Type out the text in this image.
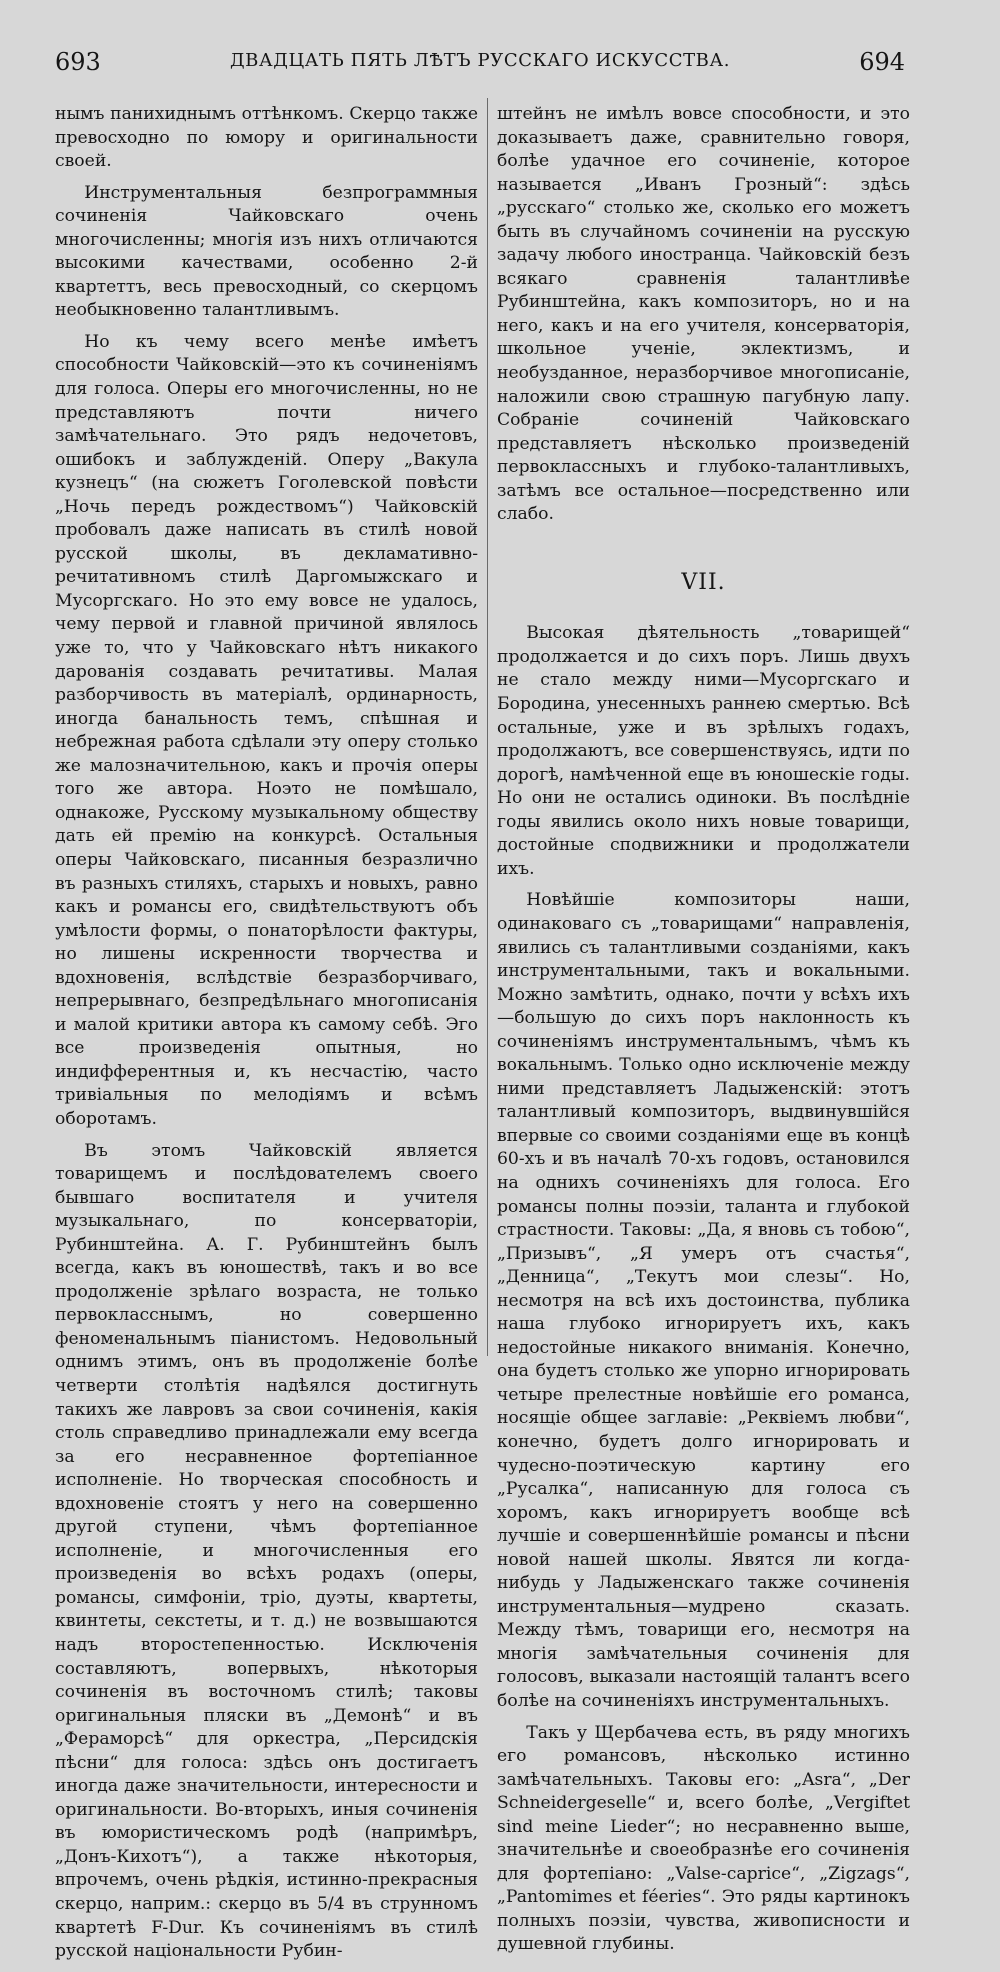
693	ДВАДЦАТЬ ПЯТЬ ЛѢТЪ РУССКАГО ИСКУССТВА.	694

нымъ панихиднымъ оттѣнкомъ. Скерцо также превосходно по юмору и оригинальности своей.

Инструментальныя безпрограммныя сочиненія Чайковскаго очень многочисленны; многія изъ нихъ отличаются высокими качествами, особенно 2-й квартеттъ, весь превосходный, со скерцомъ необыкновенно талантливымъ.

Но къ чему всего менѣе имѣетъ способности Чайковскій—это къ сочиненіямъ для голоса. Оперы его многочисленны, но не представляютъ почти ничего замѣчательнаго. Это рядъ недочетовъ, ошибокъ и заблужденій. Оперу „Вакула кузнецъ“ (на сюжетъ Гоголевской повѣсти „Ночь передъ рождествомъ“) Чайковскій пробовалъ даже написать въ стилѣ новой русской школы, въ декламативно-речитативномъ стилѣ Даргомыжскаго и Мусоргскаго. Но это ему вовсе не удалось, чему первой и главной причиной являлось уже то, что у Чайковскаго нѣтъ никакого дарованія создавать речитативы. Малая разборчивость въ матеріалѣ, ординарность, иногда банальность темъ, спѣшная и небрежная работа сдѣлали эту оперу столько же малозначительною, какъ и прочія оперы того же автора. Ноэто не помѣшало, однакоже, Русскому музыкальному обществу дать ей премію на конкурсѣ. Остальныя оперы Чайковскаго, писанныя безразлично въ разныхъ стиляхъ, старыхъ и новыхъ, равно какъ и романсы его, свидѣтельствуютъ объ умѣлости формы, о понаторѣлости фактуры, но лишены искренности творчества и вдохновенія, вслѣдствіе безразборчиваго, непрерывнаго, безпредѣльнаго многописанія и малой критики автора къ самому себѣ. Эго все произведенія опытныя, но индифферентныя и, къ несчастію, часто тривіальныя по мелодіямъ и всѣмъ оборотамъ.

Въ этомъ Чайковскій является товарищемъ и послѣдователемъ своего бывшаго воспитателя и учителя музыкальнаго, по консерваторіи, Рубинштейна. А. Г. Рубинштейнъ былъ всегда, какъ въ юношествѣ, такъ и во все продолженіе зрѣлаго возраста, не только первокласснымъ, но совершенно феноменальнымъ піанистомъ. Недовольный однимъ этимъ, онъ въ продолженіе болѣе четверти столѣтія надѣялся достигнуть такихъ же лавровъ за свои сочиненія, какія столь справедливо принадлежали ему всегда за его несравненное фортепіанное исполненіе. Но творческая способность и вдохновеніе стоятъ у него на совершенно другой ступени, чѣмъ фортепіанное исполненіе, и многочисленныя его произведенія во всѣхъ родахъ (оперы, романсы, симфоніи, тріо, дуэты, квартеты, квинтеты, секстеты, и т. д.) не возвышаются надъ второстепенностью. Исключенія составляютъ, вопервыхъ, нѣкоторыя сочиненія въ восточномъ стилѣ; таковы оригинальныя пляски въ „Демонѣ“ и въ „Фераморсѣ“ для оркестра, „Персидскія пѣсни“ для голоса: здѣсь онъ достигаетъ иногда даже значительности, интересности и оригинальности. Во-вторыхъ, иныя сочиненія въ юмористическомъ родѣ (напримѣръ, „Донъ-Кихотъ“), а также нѣкоторыя, впрочемъ, очень рѣдкія, истинно-прекрасныя скерцо, наприм.: скерцо въ 5/4 въ струнномъ квартетѣ F-Dur. Къ сочиненіямъ въ стилѣ русской національности Рубин-

штейнъ не имѣлъ вовсе способности, и это доказываетъ даже, сравнительно говоря, болѣе удачное его сочиненіе, которое называется „Иванъ Грозный“: здѣсь „русскаго“ столько же, сколько его можетъ быть въ случайномъ сочиненіи на русскую задачу любого иностранца. Чайковскій безъ всякаго сравненія талантливѣе Рубинштейна, какъ композиторъ, но и на него, какъ и на его учителя, консерваторія, школьное ученіе, эклектизмъ, и необузданное, неразборчивое многописаніе, наложили свою страшную пагубную лапу. Собраніе сочиненій Чайковскаго представляетъ нѣсколько произведеній первоклассныхъ и глубоко-талантливыхъ, затѣмъ все остальное—посредственно или слабо.

VII.

Высокая дѣятельность „товарищей“ продолжается и до сихъ поръ. Лишь двухъ не стало между ними—Мусоргскаго и Бородина, унесенныхъ раннею смертью. Всѣ остальные, уже и въ зрѣлыхъ годахъ, продолжаютъ, все совершенствуясь, идти по дорогѣ, намѣченной еще въ юношескіе годы. Но они не остались одиноки. Въ послѣдніе годы явились около нихъ новые товарищи, достойные сподвижники и продолжатели ихъ.

Новѣйшіе композиторы наши, одинаковаго съ „товарищами“ направленія, явились съ талантливыми созданіями, какъ инструментальными, такъ и вокальными. Можно замѣтить, однако, почти у всѣхъ ихъ —большую до сихъ поръ наклонность къ сочиненіямъ инструментальнымъ, чѣмъ къ вокальнымъ. Только одно исключеніе между ними представляетъ Ладыженскій: этотъ талантливый композиторъ, выдвинувшійся впервые со своими созданіями еще въ концѣ 60-хъ и въ началѣ 70-хъ годовъ, остановился на однихъ сочиненіяхъ для голоса. Его романсы полны поэзіи, таланта и глубокой страстности. Таковы: „Да, я вновь съ тобою“, „Призывъ“, „Я умеръ отъ счастья“, „Денница“, „Текутъ мои слезы“. Но, несмотря на всѣ ихъ достоинства, публика наша глубоко игнорируетъ ихъ, какъ недостойные никакого вниманія. Конечно, она будетъ столько же упорно игнорировать четыре прелестные новѣйшіе его романса, носящіе общее заглавіе: „Реквіемъ любви“, конечно, будетъ долго игнорировать и чудесно-поэтическую картину его „Русалка“, написанную для голоса съ хоромъ, какъ игнорируетъ вообще всѣ лучшіе и совершеннѣйшіе романсы и пѣсни новой нашей школы. Явятся ли когда-нибудь у Ладыженскаго также сочиненія инструментальныя—мудрено сказать. Между тѣмъ, товарищи его, несмотря на многія замѣчательныя сочиненія для голосовъ, выказали настоящій талантъ всего болѣе на сочиненіяхъ инструментальныхъ.

Такъ у Щербачева есть, въ ряду многихъ его романсовъ, нѣсколько истинно замѣчательныхъ. Таковы его: „Asra“, „Der Schneidergeselle“ и, всего болѣе, „Vergiftet sind meine Lieder“; но несравненно выше, значительнѣе и своеобразнѣе его сочиненія для фортепіано: „Valse-caprice“, „Zigzags“, „Pantomimes et féeries“. Это ряды картинокъ полныхъ поэзіи, чувства, живописности и душевной глубины.
